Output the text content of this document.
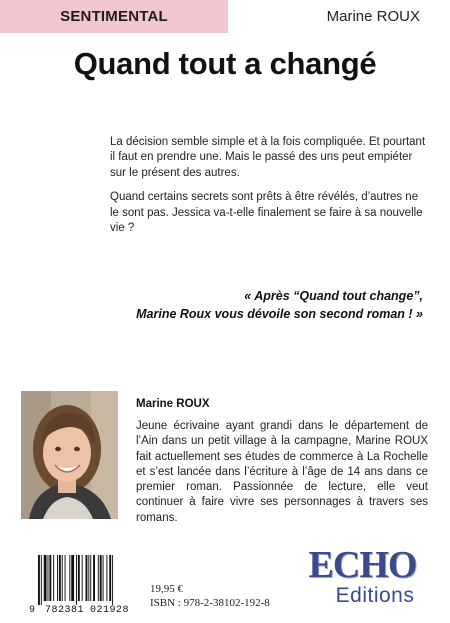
SENTIMENTAL	Marine ROUX
Quand tout a changé

La décision semble simple et à la fois compliquée. Et pourtant il faut en prendre une. Mais le passé des uns peut empiéter sur le présent des autres.

Quand certains secrets sont prêts à être révélés, d’autres ne le sont pas. Jessica va-t-elle finalement se faire à sa nouvelle vie ?

« Après “Quand tout change”,
Marine Roux vous dévoile son second roman ! »
Marine ROUX
Jeune écrivaine ayant grandi dans le département de l’Ain dans un petit village à la campagne, Marine ROUX fait actuellement ses études de commerce à La Rochelle et s’est lancée dans l’écriture à l’âge de 14 ans dans ce premier roman. Passionnée de lecture, elle veut continuer à faire vivre ses personnages à travers ses romans.
9 782381 021928
19,95 €
ISBN : 978-2-38102-192-8
ECHO
Editions
